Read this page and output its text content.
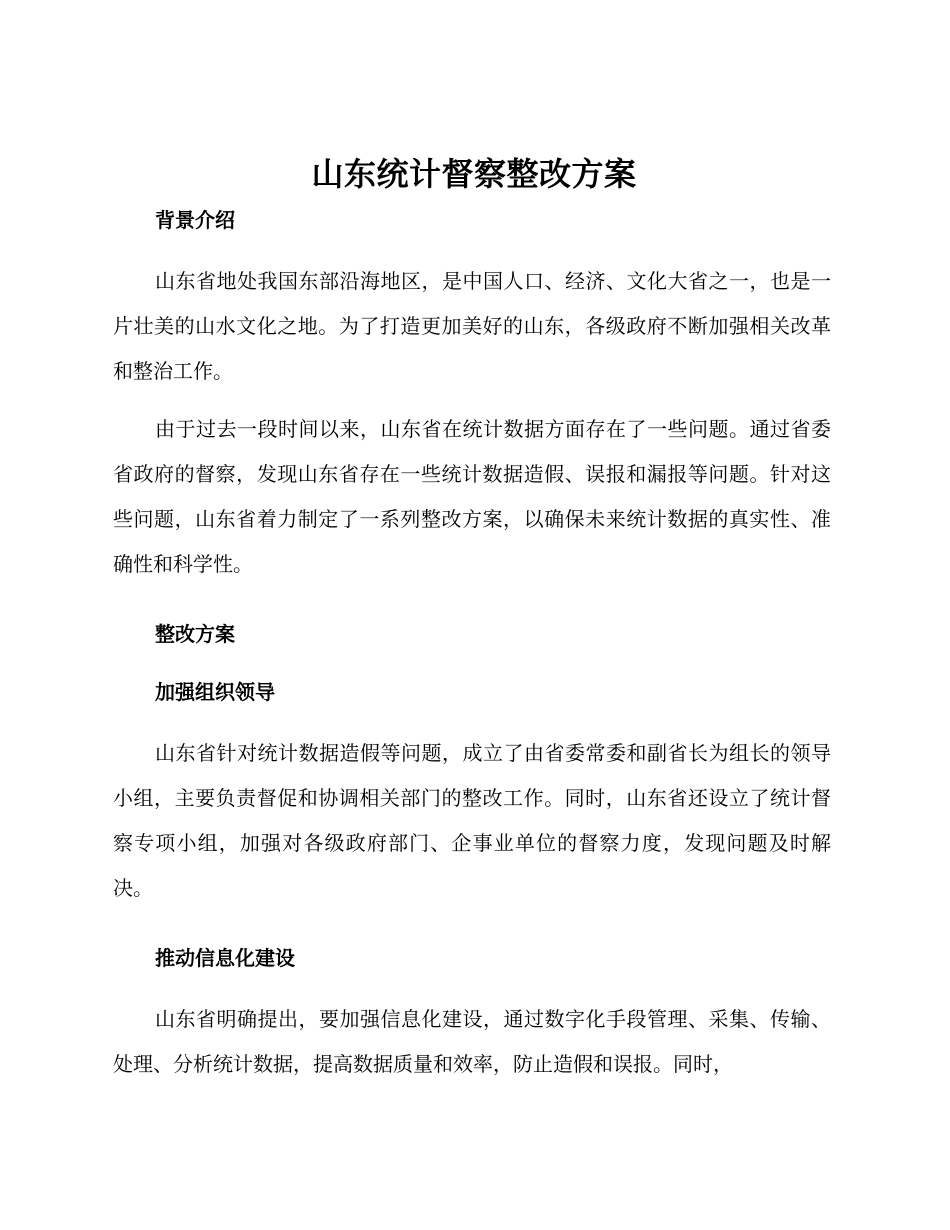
山东统计督察整改方案
背景介绍

山东省地处我国东部沿海地区，是中国人口、经济、文化大省之一，也是一片壮美的山水文化之地。为了打造更加美好的山东，各级政府不断加强相关改革和整治工作。

由于过去一段时间以来，山东省在统计数据方面存在了一些问题。通过省委省政府的督察，发现山东省存在一些统计数据造假、误报和漏报等问题。针对这些问题，山东省着力制定了一系列整改方案，以确保未来统计数据的真实性、准确性和科学性。

整改方案
加强组织领导

山东省针对统计数据造假等问题，成立了由省委常委和副省长为组长的领导小组，主要负责督促和协调相关部门的整改工作。同时，山东省还设立了统计督察专项小组，加强对各级政府部门、企事业单位的督察力度，发现问题及时解决。

推动信息化建设

山东省明确提出，要加强信息化建设，通过数字化手段管理、采集、传输、处理、分析统计数据，提高数据质量和效率，防止造假和误报。同时，
